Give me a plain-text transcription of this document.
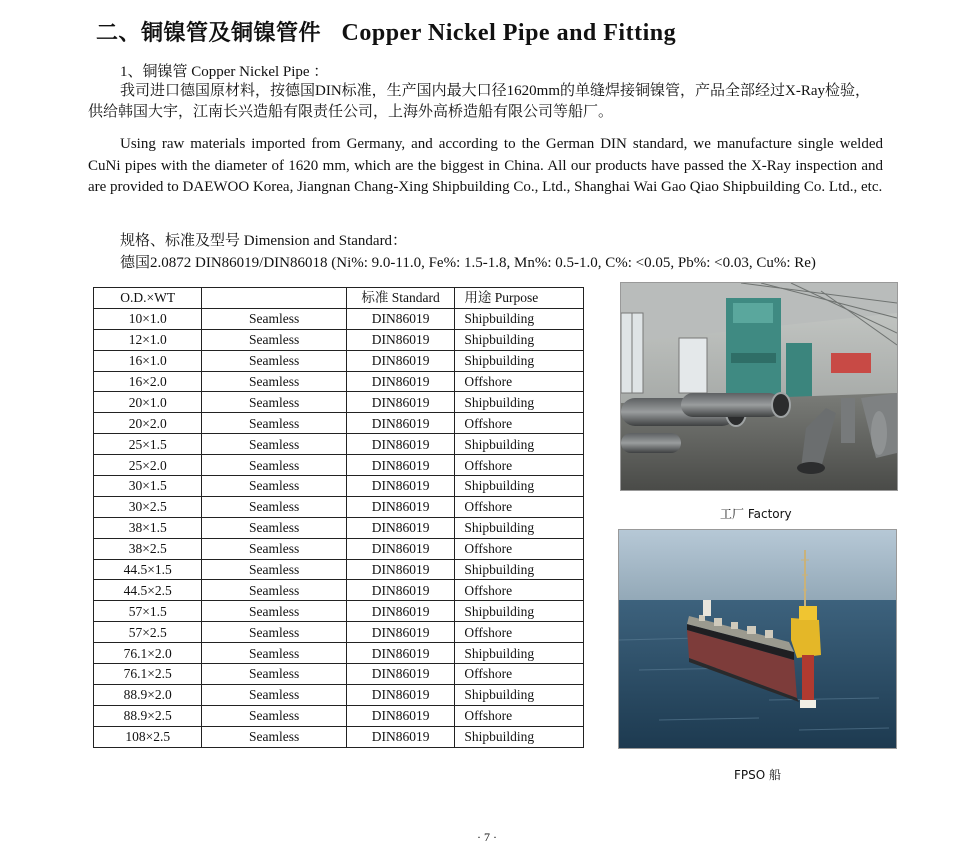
二、铜镍管及铜镍管件 Copper Nickel Pipe and Fitting
1、铜镍管 Copper Nickel Pipe ：
我司进口德国原材料，按德国DIN标准，生产国内最大口径1620mm的单缝焊接铜镍管，产品全部经过X-Ray检验，供给韩国大宇，江南长兴造船有限责任公司，上海外高桥造船有限公司等船厂。
Using raw materials imported from Germany, and according to the German DIN standard, we manufacture single welded CuNi pipes with the diameter of 1620 mm, which are the biggest in China. All our products have passed the X-Ray inspection and are provided to DAEWOO Korea, Jiangnan Chang-Xing Shipbuilding Co., Ltd., Shanghai Wai Gao Qiao Shipbuilding Co. Ltd., etc.
规格、标准及型号 Dimension and Standard：
德国2.0872 DIN86019/DIN86018 (Ni%: 9.0-11.0, Fe%: 1.5-1.8, Mn%: 0.5-1.0, C%: <0.05, Pb%: <0.03, Cu%: Re)
O.D.×WT		标准 Standard	用途 Purpose
10×1.0	Seamless	DIN86019	Shipbuilding
12×1.0	Seamless	DIN86019	Shipbuilding
16×1.0	Seamless	DIN86019	Shipbuilding
16×2.0	Seamless	DIN86019	Offshore
20×1.0	Seamless	DIN86019	Shipbuilding
20×2.0	Seamless	DIN86019	Offshore
25×1.5	Seamless	DIN86019	Shipbuilding
25×2.0	Seamless	DIN86019	Offshore
30×1.5	Seamless	DIN86019	Shipbuilding
30×2.5	Seamless	DIN86019	Offshore
38×1.5	Seamless	DIN86019	Shipbuilding
38×2.5	Seamless	DIN86019	Offshore
44.5×1.5	Seamless	DIN86019	Shipbuilding
44.5×2.5	Seamless	DIN86019	Offshore
57×1.5	Seamless	DIN86019	Shipbuilding
57×2.5	Seamless	DIN86019	Offshore
76.1×2.0	Seamless	DIN86019	Shipbuilding
76.1×2.5	Seamless	DIN86019	Offshore
88.9×2.0	Seamless	DIN86019	Shipbuilding
88.9×2.5	Seamless	DIN86019	Offshore
108×2.5	Seamless	DIN86019	Shipbuilding
工厂 Factory
FPSO 船
· 7 ·
